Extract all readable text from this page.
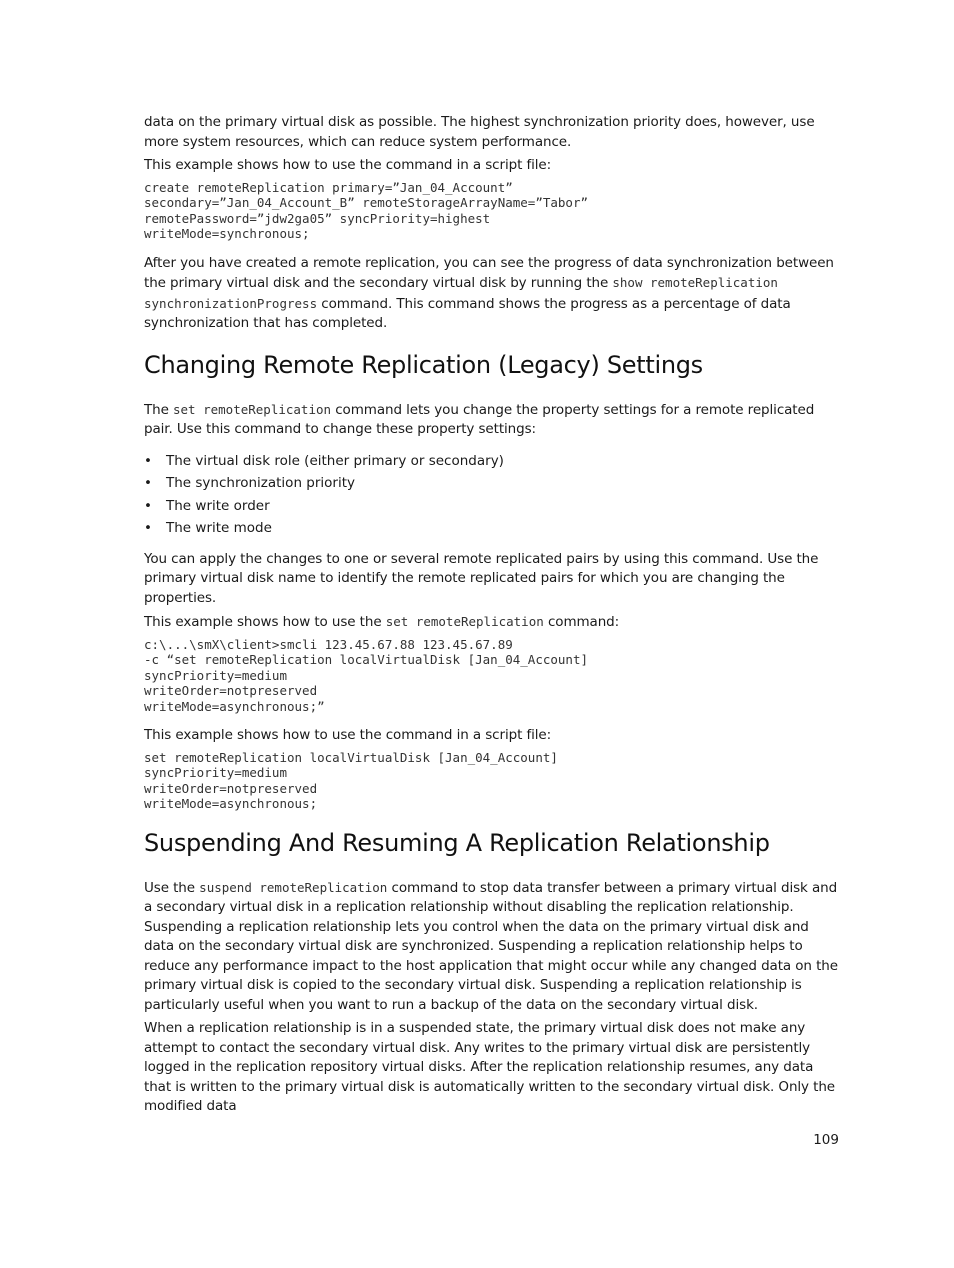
data on the primary virtual disk as possible. The highest synchronization priority does, however, use more system resources, which can reduce system performance.

This example shows how to use the command in a script file:

create remoteReplication primary=”Jan_04_Account”
secondary=”Jan_04_Account_B” remoteStorageArrayName=”Tabor”
remotePassword=”jdw2ga05” syncPriority=highest
writeMode=synchronous;

After you have created a remote replication, you can see the progress of data synchronization between the primary virtual disk and the secondary virtual disk by running the show remoteReplication synchronizationProgress command. This command shows the progress as a percentage of data synchronization that has completed.

Changing Remote Replication (Legacy) Settings

The set remoteReplication command lets you change the property settings for a remote replicated pair. Use this command to change these property settings:

• The virtual disk role (either primary or secondary)
• The synchronization priority
• The write order
• The write mode

You can apply the changes to one or several remote replicated pairs by using this command. Use the primary virtual disk name to identify the remote replicated pairs for which you are changing the properties.

This example shows how to use the set remoteReplication command:

c:\...\smX\client>smcli 123.45.67.88 123.45.67.89
-c “set remoteReplication localVirtualDisk [Jan_04_Account]
syncPriority=medium
writeOrder=notpreserved
writeMode=asynchronous;”

This example shows how to use the command in a script file:

set remoteReplication localVirtualDisk [Jan_04_Account]
syncPriority=medium
writeOrder=notpreserved
writeMode=asynchronous;
Suspending And Resuming A Replication Relationship

Use the suspend remoteReplication command to stop data transfer between a primary virtual disk and a secondary virtual disk in a replication relationship without disabling the replication relationship. Suspending a replication relationship lets you control when the data on the primary virtual disk and data on the secondary virtual disk are synchronized. Suspending a replication relationship helps to reduce any performance impact to the host application that might occur while any changed data on the primary virtual disk is copied to the secondary virtual disk. Suspending a replication relationship is particularly useful when you want to run a backup of the data on the secondary virtual disk.

When a replication relationship is in a suspended state, the primary virtual disk does not make any attempt to contact the secondary virtual disk. Any writes to the primary virtual disk are persistently logged in the replication repository virtual disks. After the replication relationship resumes, any data that is written to the primary virtual disk is automatically written to the secondary virtual disk. Only the modified data

109
